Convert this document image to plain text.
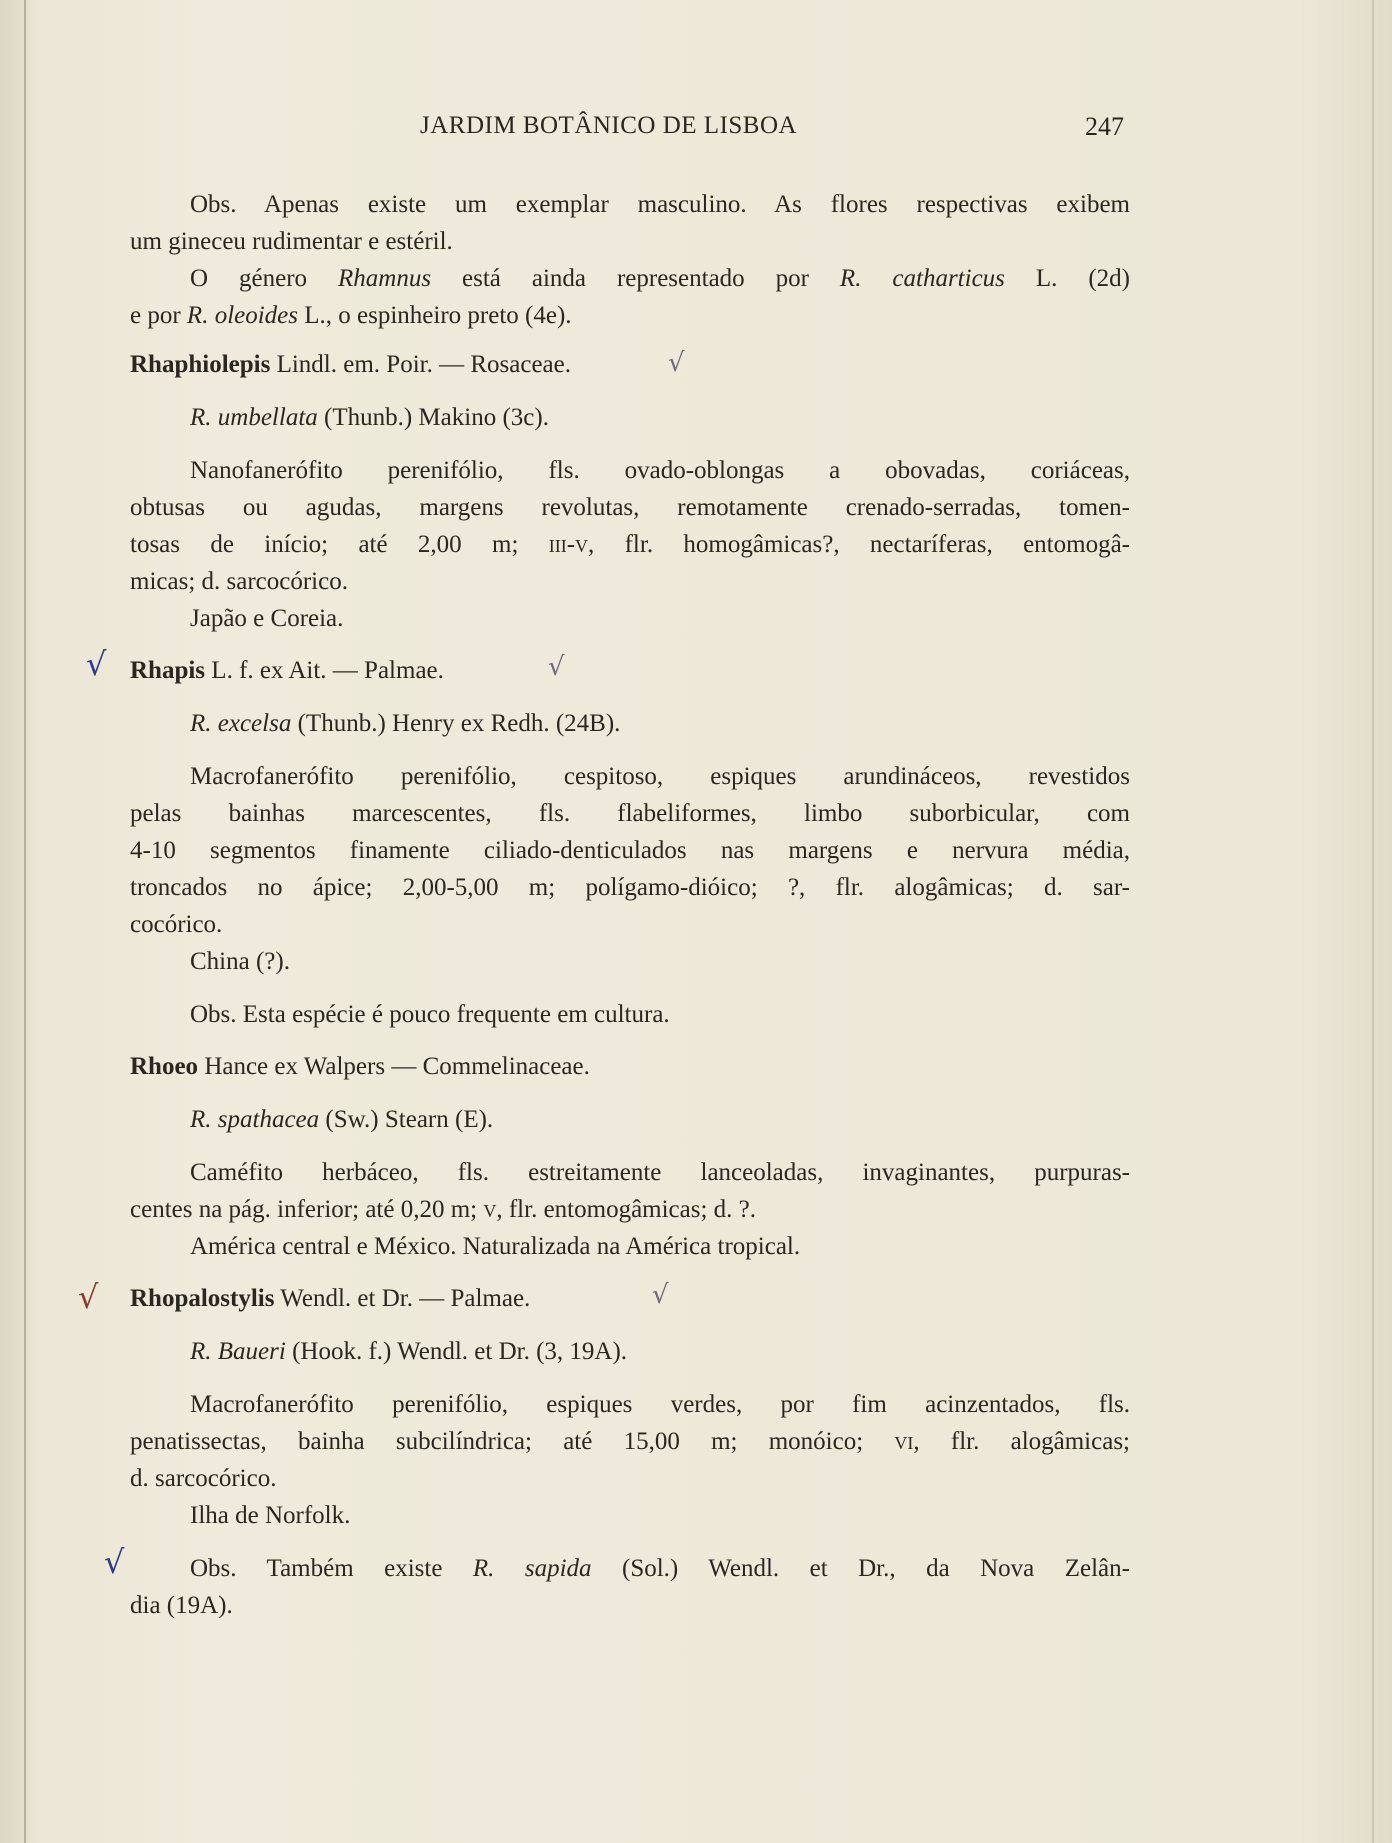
JARDIM BOTÂNICO DE LISBOA	247
√
√	√
√	√
√
Obs. Apenas existe um exemplar masculino. As flores respectivas exibem
um gineceu rudimentar e estéril.
O género Rhamnus está ainda representado por R. catharticus L. (2d)
e por R. oleoides L., o espinheiro preto (4e).
Rhaphiolepis Lindl. em. Poir. — Rosaceae.
R. umbellata (Thunb.) Makino (3c).
Nanofanerófito perenifólio, fls. ovado-oblongas a obovadas, coriáceas,
obtusas ou agudas, margens revolutas, remotamente crenado-serradas, tomen-
tosas de início; até 2,00 m; iii-v, flr. homogâmicas?, nectaríferas, entomogâ-
micas; d. sarcocórico.
Japão e Coreia.
Rhapis L. f. ex Ait. — Palmae.
R. excelsa (Thunb.) Henry ex Redh. (24B).
Macrofanerófito perenifólio, cespitoso, espiques arundináceos, revestidos
pelas bainhas marcescentes, fls. flabeliformes, limbo suborbicular, com
4-10 segmentos finamente ciliado-denticulados nas margens e nervura média,
troncados no ápice; 2,00-5,00 m; polígamo-dióico; ?, flr. alogâmicas; d. sar-
cocórico.
China (?).
Obs. Esta espécie é pouco frequente em cultura.
Rhoeo Hance ex Walpers — Commelinaceae.
R. spathacea (Sw.) Stearn (E).
Caméfito herbáceo, fls. estreitamente lanceoladas, invaginantes, purpuras-
centes na pág. inferior; até 0,20 m; v, flr. entomogâmicas; d. ?.
América central e México. Naturalizada na América tropical.
Rhopalostylis Wendl. et Dr. — Palmae.
R. Baueri (Hook. f.) Wendl. et Dr. (3, 19A).
Macrofanerófito perenifólio, espiques verdes, por fim acinzentados, fls.
penatissectas, bainha subcilíndrica; até 15,00 m; monóico; vi, flr. alogâmicas;
d. sarcocórico.
Ilha de Norfolk.
Obs. Também existe R. sapida (Sol.) Wendl. et Dr., da Nova Zelân-
dia (19A).
